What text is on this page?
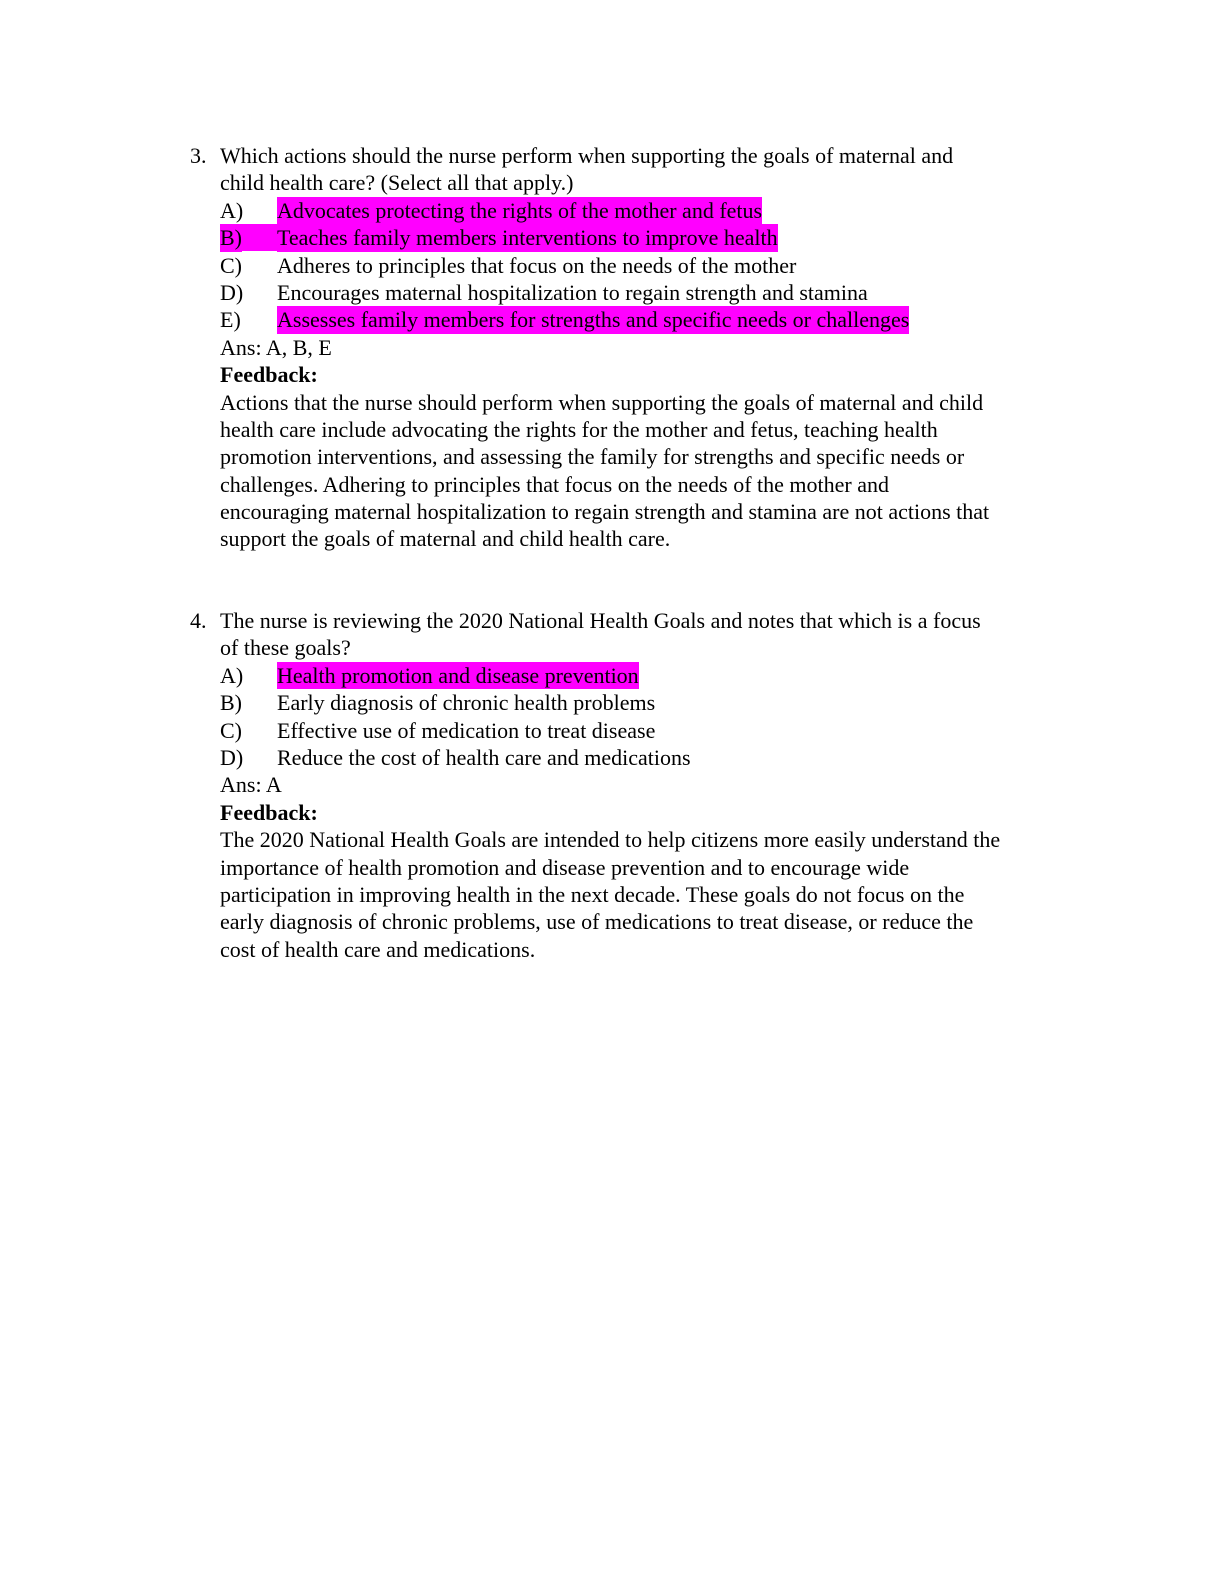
3. Which actions should the nurse perform when supporting the goals of maternal and
child health care? (Select all that apply.)
A) Advocates protecting the rights of the mother and fetus
B) Teaches family members interventions to improve health
C) Adheres to principles that focus on the needs of the mother
D) Encourages maternal hospitalization to regain strength and stamina
E) Assesses family members for strengths and specific needs or challenges
Ans: A, B, E
Feedback:
Actions that the nurse should perform when supporting the goals of maternal and child
health care include advocating the rights for the mother and fetus, teaching health
promotion interventions, and assessing the family for strengths and specific needs or
challenges. Adhering to principles that focus on the needs of the mother and
encouraging maternal hospitalization to regain strength and stamina are not actions that
support the goals of maternal and child health care.
4. The nurse is reviewing the 2020 National Health Goals and notes that which is a focus
of these goals?
A) Health promotion and disease prevention
B) Early diagnosis of chronic health problems
C) Effective use of medication to treat disease
D) Reduce the cost of health care and medications
Ans: A
Feedback:
The 2020 National Health Goals are intended to help citizens more easily understand the
importance of health promotion and disease prevention and to encourage wide
participation in improving health in the next decade. These goals do not focus on the
early diagnosis of chronic problems, use of medications to treat disease, or reduce the
cost of health care and medications.
